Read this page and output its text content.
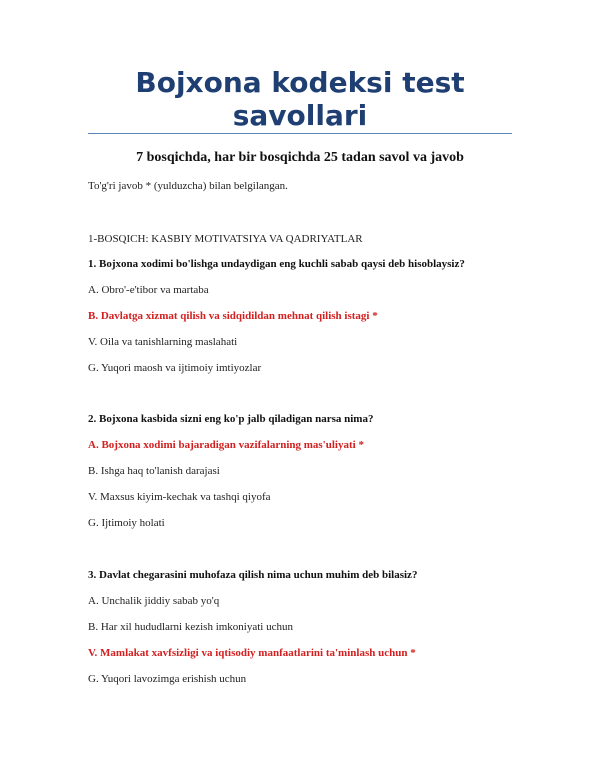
Bojxona kodeksi test
savollari
7 bosqichda, har bir bosqichda 25 tadan savol va javob
To'g'ri javob * (yulduzcha) bilan belgilangan.
1-BOSQICH: KASBIY MOTIVATSIYA VA QADRIYATLAR
1. Bojxona xodimi bo'lishga undaydigan eng kuchli sabab qaysi deb hisoblaysiz?
A. Obro'-e'tibor va martaba
B. Davlatga xizmat qilish va sidqidildan mehnat qilish istagi *
V. Oila va tanishlarning maslahati
G. Yuqori maosh va ijtimoiy imtiyozlar
2. Bojxona kasbida sizni eng ko'p jalb qiladigan narsa nima?
A. Bojxona xodimi bajaradigan vazifalarning mas'uliyati *
B. Ishga haq to'lanish darajasi
V. Maxsus kiyim-kechak va tashqi qiyofa
G. Ijtimoiy holati
3. Davlat chegarasini muhofaza qilish nima uchun muhim deb bilasiz?
A. Unchalik jiddiy sabab yo'q
B. Har xil hududlarni kezish imkoniyati uchun
V. Mamlakat xavfsizligi va iqtisodiy manfaatlarini ta'minlash uchun *
G. Yuqori lavozimga erishish uchun
